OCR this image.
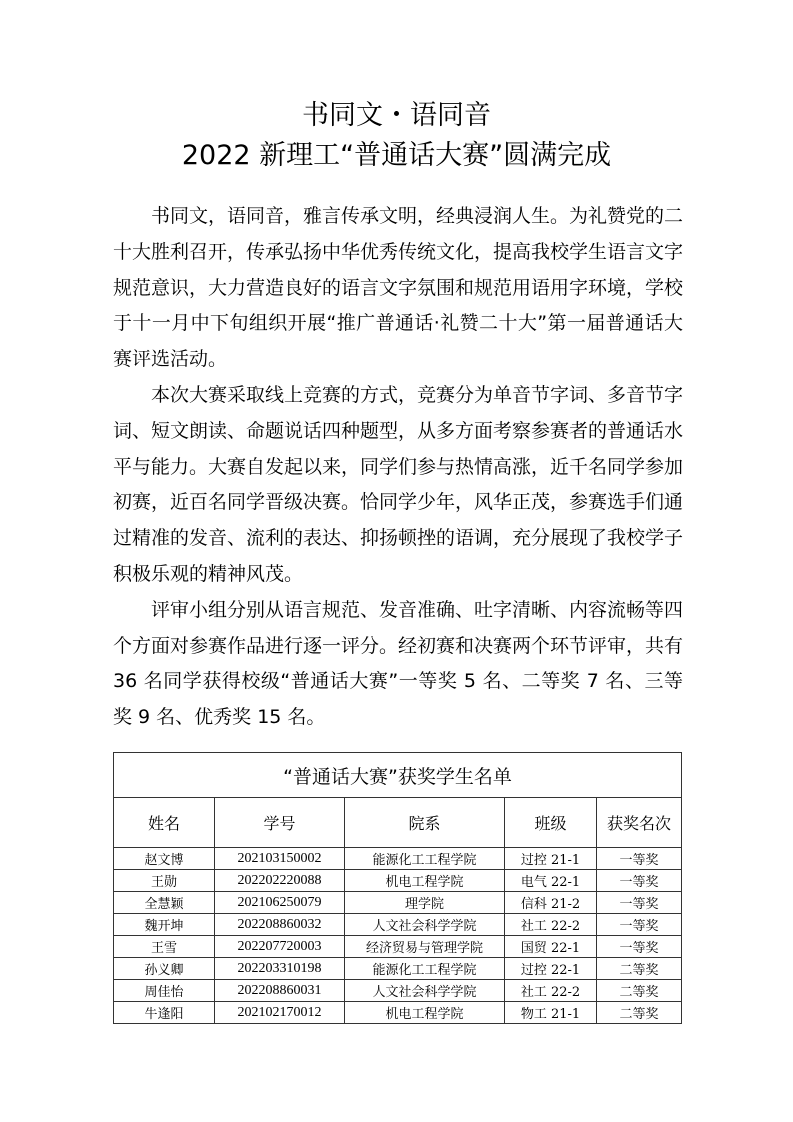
书同文・语同音
2022 新理工“普通话大赛”圆满完成

书同文，语同音，雅言传承文明，经典浸润人生。为礼赞党的二十大胜利召开，传承弘扬中华优秀传统文化，提高我校学生语言文字规范意识，大力营造良好的语言文字氛围和规范用语用字环境，学校于十一月中下旬组织开展“推广普通话·礼赞二十大”第一届普通话大赛评选活动。

本次大赛采取线上竞赛的方式，竞赛分为单音节字词、多音节字词、短文朗读、命题说话四种题型，从多方面考察参赛者的普通话水平与能力。大赛自发起以来，同学们参与热情高涨，近千名同学参加初赛，近百名同学晋级决赛。恰同学少年，风华正茂，参赛选手们通过精准的发音、流利的表达、抑扬顿挫的语调，充分展现了我校学子积极乐观的精神风茂。

评审小组分别从语言规范、发音准确、吐字清晰、内容流畅等四个方面对参赛作品进行逐一评分。经初赛和决赛两个环节评审，共有 36 名同学获得校级“普通话大赛”一等奖 5 名、二等奖 7 名、三等奖 9 名、优秀奖 15 名。

“普通话大赛”获奖学生名单				
姓名	学号	院系	班级	获奖名次
赵文博	202103150002	能源化工工程学院	过控 21-1	一等奖
王勋	202202220088	机电工程学院	电气 22-1	一等奖
全慧颖	202106250079	理学院	信科 21-2	一等奖
魏开坤	202208860032	人文社会科学学院	社工 22-2	一等奖
王雪	202207720003	经济贸易与管理学院	国贸 22-1	一等奖
孙义卿	202203310198	能源化工工程学院	过控 22-1	二等奖
周佳怡	202208860031	人文社会科学学院	社工 22-2	二等奖
牛逢阳	202102170012	机电工程学院	物工 21-1	二等奖
